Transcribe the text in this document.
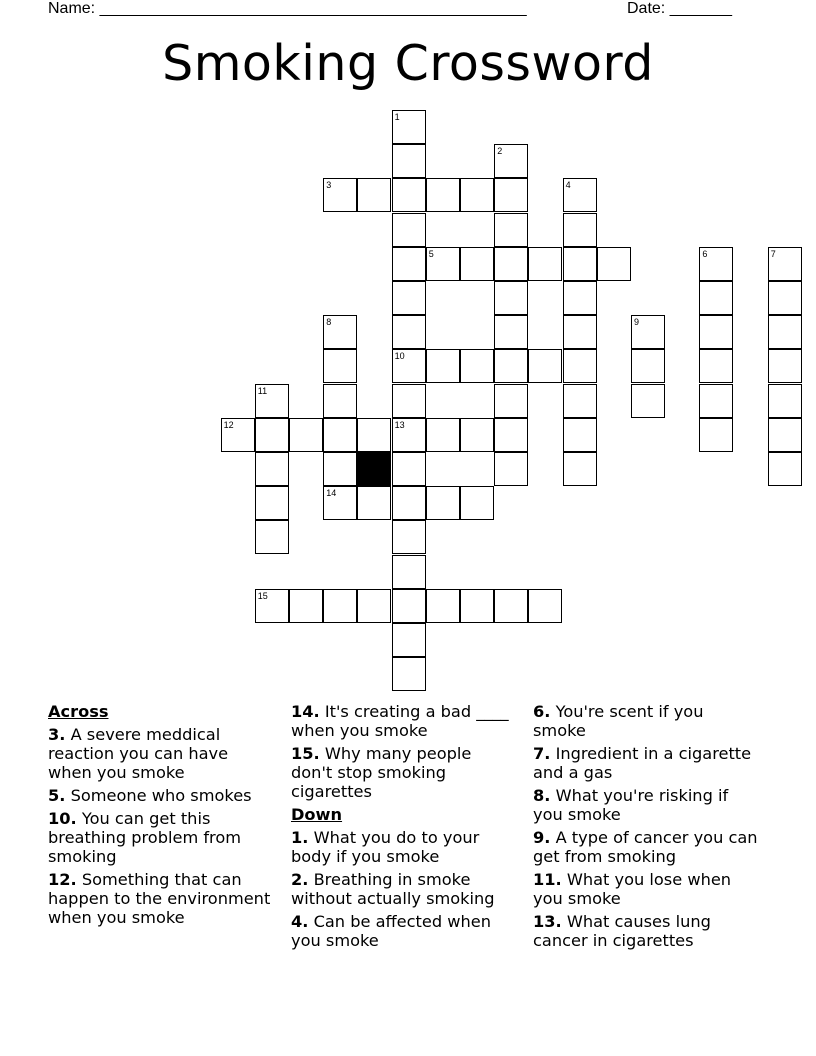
Name: ________________________________________________	Date: _______
Smoking Crossword
3
5
10
12	13
14
15
1
2
4
6	7
8	9
11
Across
3. A severe meddical reaction you can have when you smoke
5. Someone who smokes
10. You can get this breathing problem from smoking
12. Something that can happen to the environment when you smoke
14. It's creating a bad ____ when you smoke
15. Why many people don't stop smoking cigarettes
Down
1. What you do to your body if you smoke
2. Breathing in smoke without actually smoking
4. Can be affected when you smoke
6. You're scent if you smoke
7. Ingredient in a cigarette and a gas
8. What you're risking if you smoke
9. A type of cancer you can get from smoking
11. What you lose when you smoke
13. What causes lung cancer in cigarettes
